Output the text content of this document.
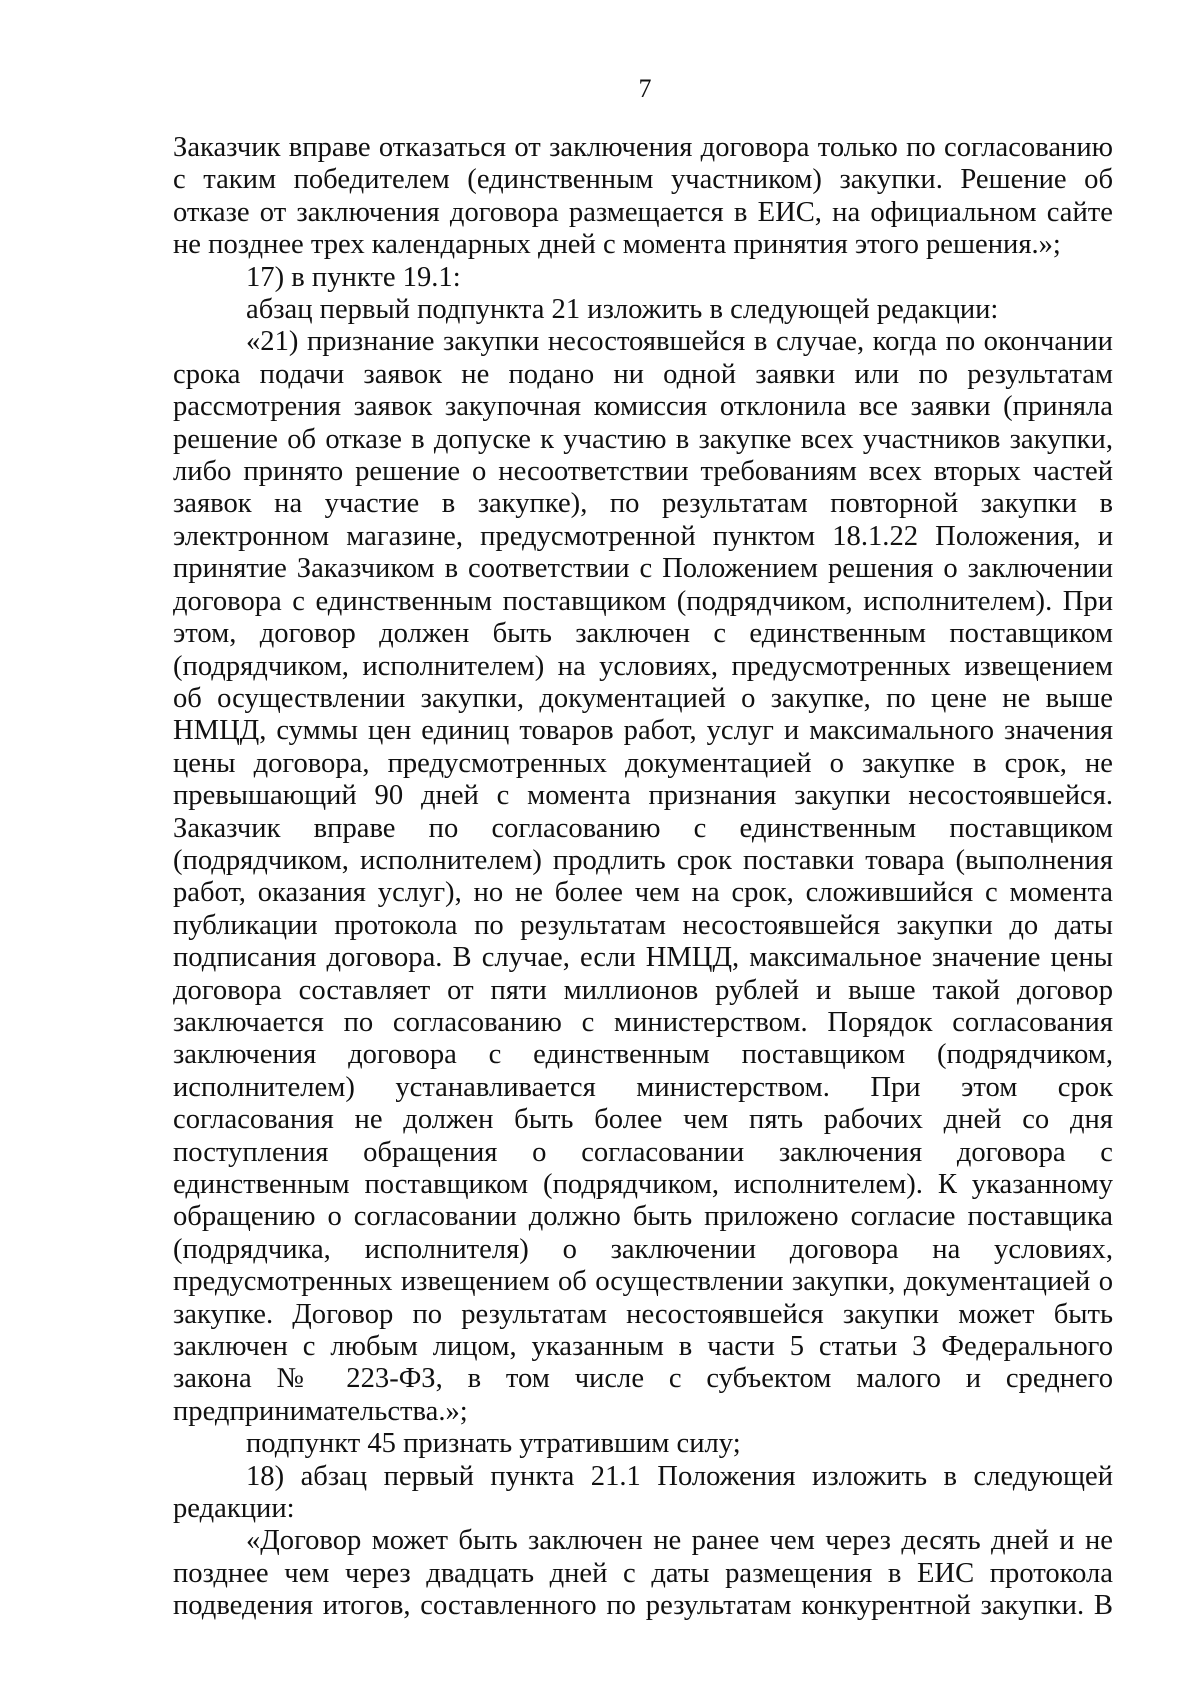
7

Заказчик вправе отказаться от заключения договора только по согласованию с таким победителем (единственным участником) закупки. Решение об отказе от заключения договора размещается в ЕИС, на официальном сайте не позднее трех календарных дней с момента принятия этого решения.»;

17) в пункте 19.1:

абзац первый подпункта 21 изложить в следующей редакции:

«21) признание закупки несостоявшейся в случае, когда по окончании срока подачи заявок не подано ни одной заявки или по результатам рассмотрения заявок закупочная комиссия отклонила все заявки (приняла решение об отказе в допуске к участию в закупке всех участников закупки, либо принято решение о несоответствии требованиям всех вторых частей заявок на участие в закупке), по результатам повторной закупки в электронном магазине, предусмотренной пунктом 18.1.22 Положения, и принятие Заказчиком в соответствии с Положением решения о заключении договора с единственным поставщиком (подрядчиком, исполнителем). При этом, договор должен быть заключен с единственным поставщиком (подрядчиком, исполнителем) на условиях, предусмотренных извещением об осуществлении закупки, документацией о закупке, по цене не выше НМЦД, суммы цен единиц товаров работ, услуг и максимального значения цены договора, предусмотренных документацией о закупке в срок, не превышающий 90 дней с момента признания закупки несостоявшейся. Заказчик вправе по согласованию с единственным поставщиком (подрядчиком, исполнителем) продлить срок поставки товара (выполнения работ, оказания услуг), но не более чем на срок, сложившийся с момента публикации протокола по результатам несостоявшейся закупки до даты подписания договора. В случае, если НМЦД, максимальное значение цены договора составляет от пяти миллионов рублей и выше такой договор заключается по согласованию с министерством. Порядок согласования заключения договора с единственным поставщиком (подрядчиком, исполнителем) устанавливается министерством. При этом срок согласования не должен быть более чем пять рабочих дней со дня поступления обращения о согласовании заключения договора с единственным поставщиком (подрядчиком, исполнителем). К указанному обращению о согласовании должно быть приложено согласие поставщика (подрядчика, исполнителя) о заключении договора на условиях, предусмотренных извещением об осуществлении закупки, документацией о закупке. Договор по результатам несостоявшейся закупки может быть заключен с любым лицом, указанным в части 5 статьи 3 Федерального закона № 223-ФЗ, в том числе с субъектом малого и среднего предпринимательства.»;

подпункт 45 признать утратившим силу;

18) абзац первый пункта 21.1 Положения изложить в следующей редакции:

«Договор может быть заключен не ранее чем через десять дней и не позднее чем через двадцать дней с даты размещения в ЕИС протокола подведения итогов, составленного по результатам конкурентной закупки. В
